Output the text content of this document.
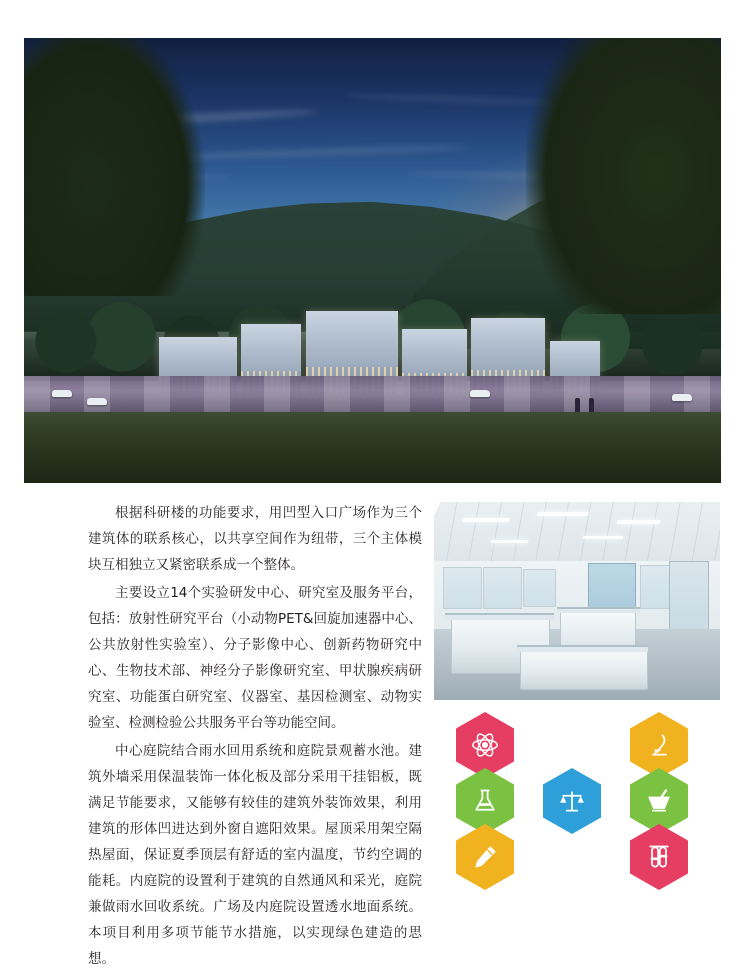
根据科研楼的功能要求，用凹型入口广场作为三个建筑体的联系核心，以共享空间作为纽带，三个主体模块互相独立又紧密联系成一个整体。

主要设立14个实验研发中心、研究室及服务平台，包括：放射性研究平台（小动物PET&回旋加速器中心、公共放射性实验室）、分子影像中心、创新药物研究中心、生物技术部、神经分子影像研究室、甲状腺疾病研究室、功能蛋白研究室、仪器室、基因检测室、动物实验室、检测检验公共服务平台等功能空间。

中心庭院结合雨水回用系统和庭院景观蓄水池。建筑外墙采用保温装饰一体化板及部分采用干挂铝板，既满足节能要求，又能够有较佳的建筑外装饰效果，利用建筑的形体凹进达到外窗自遮阳效果。屋顶采用架空隔热屋面，保证夏季顶层有舒适的室内温度，节约空调的能耗。内庭院的设置利于建筑的自然通风和采光，庭院兼做雨水回收系统。广场及内庭院设置透水地面系统。本项目利用多项节能节水措施，以实现绿色建造的思想。
